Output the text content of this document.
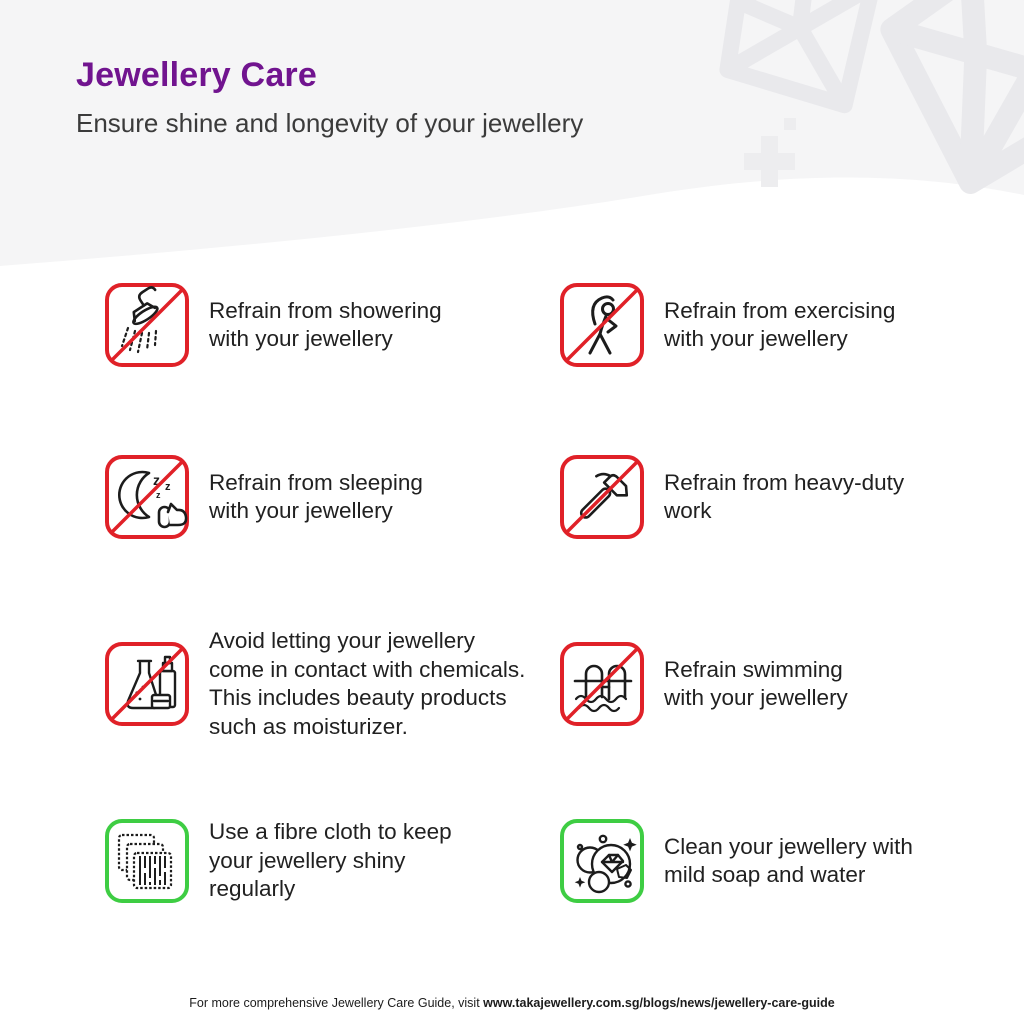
Jewellery Care
Ensure shine and longevity of your jewellery
Refrain from showering
with your jewellery
Refrain from exercising
with your jewellery
z z
z
Refrain from sleeping
with your jewellery
Refrain from heavy-duty
work
Avoid letting your jewellery
come in contact with chemicals.
This includes beauty products
such as moisturizer.
Refrain swimming
with your jewellery
Use a fibre cloth to keep
your jewellery shiny
regularly
Clean your jewellery with
mild soap and water
For more comprehensive Jewellery Care Guide, visit www.takajewellery.com.sg/blogs/news/jewellery-care-guide
